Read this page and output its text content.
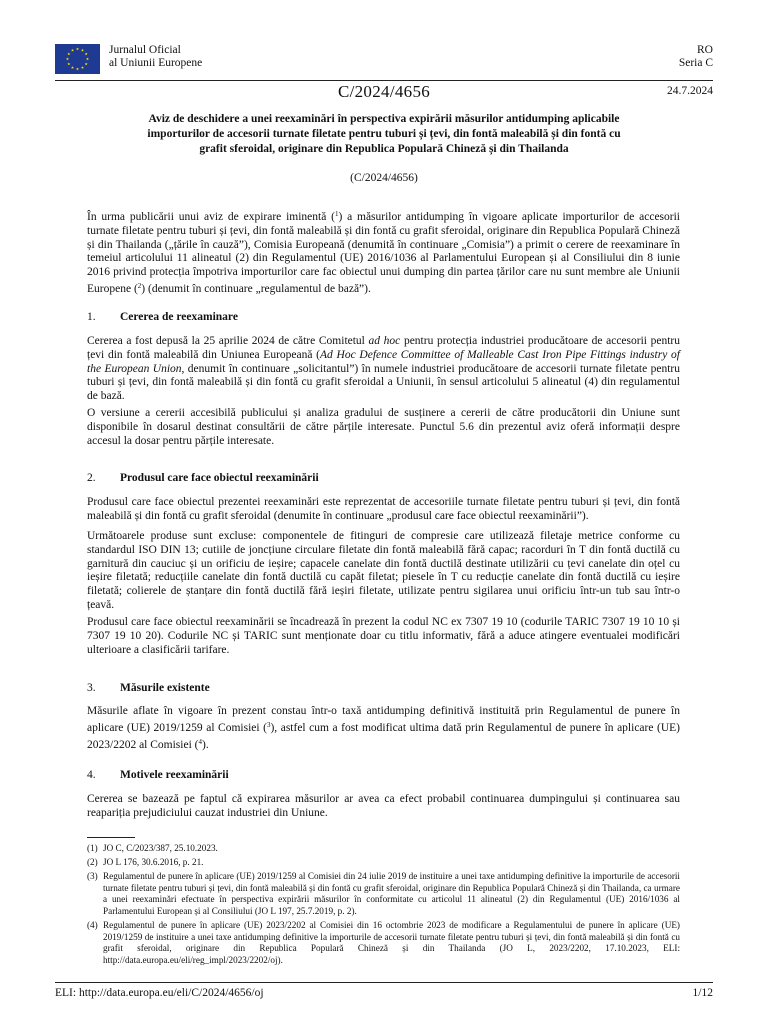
Jurnalul Oficial
al Uniunii Europene
RO
Seria C
C/2024/4656	24.7.2024
Aviz de deschidere a unei reexaminări în perspectiva expirării măsurilor antidumping aplicabile importurilor de accesorii turnate filetate pentru tuburi și țevi, din fontă maleabilă și din fontă cu grafit sferoidal, originare din Republica Populară Chineză și din Thailanda
(C/2024/4656)

În urma publicării unui aviz de expirare iminentă ($^1$) a măsurilor antidumping în vigoare aplicate importurilor de accesorii turnate filetate pentru tuburi și țevi, din fontă maleabilă și din fontă cu grafit sferoidal, originare din Republica Populară Chineză și din Thailanda („țările în cauză”), Comisia Europeană (denumită în continuare „Comisia”) a primit o cerere de reexaminare în temeiul articolului 11 alineatul (2) din Regulamentul (UE) 2016/1036 al Parlamentului European și al Consiliului din 8 iunie 2016 privind protecția împotriva importurilor care fac obiectul unui dumping din partea țărilor care nu sunt membre ale Uniunii Europene ($^2$) (denumit în continuare „regulamentul de bază”).

1. Cererea de reexaminare

Cererea a fost depusă la 25 aprilie 2024 de către Comitetul ad hoc pentru protecția industriei producătoare de accesorii pentru țevi din fontă maleabilă din Uniunea Europeană (Ad Hoc Defence Committee of Malleable Cast Iron Pipe Fittings industry of the European Union, denumit în continuare „solicitantul”) în numele industriei producătoare de accesorii turnate filetate pentru tuburi și țevi, din fontă maleabilă și din fontă cu grafit sferoidal a Uniunii, în sensul articolului 5 alineatul (4) din regulamentul de bază.

O versiune a cererii accesibilă publicului și analiza gradului de susținere a cererii de către producătorii din Uniune sunt disponibile în dosarul destinat consultării de către părțile interesate. Punctul 5.6 din prezentul aviz oferă informații despre accesul la dosar pentru părțile interesate.

2. Produsul care face obiectul reexaminării

Produsul care face obiectul prezentei reexaminări este reprezentat de accesoriile turnate filetate pentru tuburi și țevi, din fontă maleabilă și din fontă cu grafit sferoidal (denumite în continuare „produsul care face obiectul reexaminării”).

Următoarele produse sunt excluse: componentele de fitinguri de compresie care utilizează filetaje metrice conforme cu standardul ISO DIN 13; cutiile de joncțiune circulare filetate din fontă maleabilă fără capac; racorduri în T din fontă ductilă cu garnitură din cauciuc și un orificiu de ieșire; capacele canelate din fontă ductilă destinate utilizării cu țevi canelate din oțel cu ieșire filetată; reducțiile canelate din fontă ductilă cu capăt filetat; piesele în T cu reducție canelate din fontă ductilă cu ieșire filetată; colierele de ștanțare din fontă ductilă fără ieșiri filetate, utilizate pentru sigilarea unui orificiu într-un tub sau într-o țeavă.

Produsul care face obiectul reexaminării se încadrează în prezent la codul NC ex 7307 19 10 (codurile TARIC 7307 19 10 10 și 7307 19 10 20). Codurile NC și TARIC sunt menționate doar cu titlu informativ, fără a aduce atingere eventualei modificări ulterioare a clasificării tarifare.

3. Măsurile existente

Măsurile aflate în vigoare în prezent constau într-o taxă antidumping definitivă instituită prin Regulamentul de punere în aplicare (UE) 2019/1259 al Comisiei ($^3$), astfel cum a fost modificat ultima dată prin Regulamentul de punere în aplicare (UE) 2023/2202 al Comisiei ($^4$).

4. Motivele reexaminării

Cererea se bazează pe faptul că expirarea măsurilor ar avea ca efect probabil continuarea dumpingului și continuarea sau reapariția prejudiciului cauzat industriei din Uniune.

(1) JO C, C/2023/387, 25.10.2023.
(2) JO L 176, 30.6.2016, p. 21.
(3) Regulamentul de punere în aplicare (UE) 2019/1259 al Comisiei din 24 iulie 2019 de instituire a unei taxe antidumping definitive la importurile de accesorii turnate filetate pentru tuburi și țevi, din fontă maleabilă și din fontă cu grafit sferoidal, originare din Republica Populară Chineză și din Thailanda, ca urmare a unei reexaminări efectuate în perspectiva expirării măsurilor în conformitate cu articolul 11 alineatul (2) din Regulamentul (UE) 2016/1036 al Parlamentului European și al Consiliului (JO L 197, 25.7.2019, p. 2).
(4) Regulamentul de punere în aplicare (UE) 2023/2202 al Comisiei din 16 octombrie 2023 de modificare a Regulamentului de punere în aplicare (UE) 2019/1259 de instituire a unei taxe antidumping definitive la importurile de accesorii turnate filetate pentru tuburi și țevi, din fontă maleabilă și din fontă cu grafit sferoidal, originare din Republica Populară Chineză și din Thailanda (JO L, 2023/2202, 17.10.2023, ELI: http://data.europa.eu/eli/reg_impl/2023/2202/oj).
ELI: http://data.europa.eu/eli/C/2024/4656/oj	1/12
